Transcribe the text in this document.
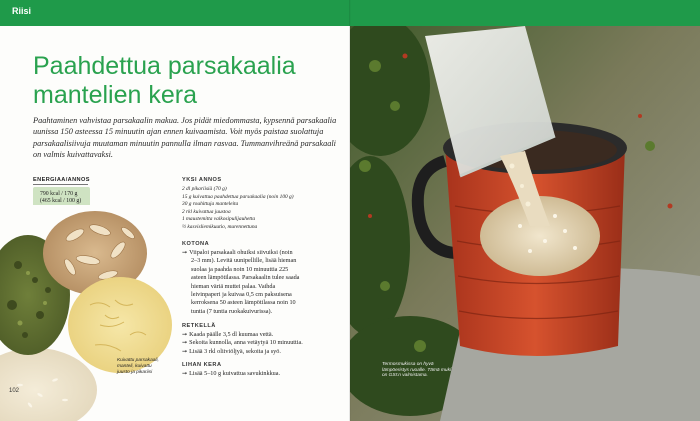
Riisi
Paahdettua parsakaalia
mantelien kera
Paahtaminen vahvistaa parsakaalin makua. Jos pidät miedommasta, kypsennä parsakaalia uunissa 150 asteessa 15 minuutin ajan ennen kuivaamista. Voit myös paistaa suolattuja parsakaalisiivuja muutaman minuutin pannulla ilman rasvaa. Tummanvihreänä parsakaali on valmis kuivattavaksi.
ENERGIAA/ANNOS
790 kcal / 170 g
(465 kcal / 100 g)
YKSI ANNOS
2 dl pikariisiä (70 g)
15 g kuivattua paahdettua parsakaalia (noin 100 g)
30 g rouhittuja manteleita
2 rkl kuivattua juustoa
1 maustemitta valkosipulijauhetta
½ kasvisliemikuutio, murennettuna
KOTONA
➞ Viipaloi parsakaali ohuiksi siivuiksi (noin
2–3 mm). Levitä uunipellille, lisää hieman
suolaa ja paahda noin 10 minuuttia 225
asteen lämpötilassa. Parsakaalin tulee saada
hieman väriä muttei palaa. Vaihda
leivinpaperi ja kuivaa 0,5 cm paksuisena
kerroksena 50 asteen lämpötilassa noin 10
tuntia (7 tuntia ruokakuivurissa).
RETKELLÄ
➞ Kaada päälle 3,5 dl kuumaa vettä.
➞ Sekoita kunnolla, anna vetäytyä 10 minuuttia.
➞ Lisää 3 rkl oliiviöljyä, sekoita ja syö.
LIHAN KERA
➞ Lisää 5–10 g kuivattua savukinkkua.
Kuivattu parsakaali,
manteli, kuivattu
juusto ja pikariisi
102
Termosmukissa on hyvä
lämpöeristys ruoalle. Tämä mukí
on GSI:n valmistama.
